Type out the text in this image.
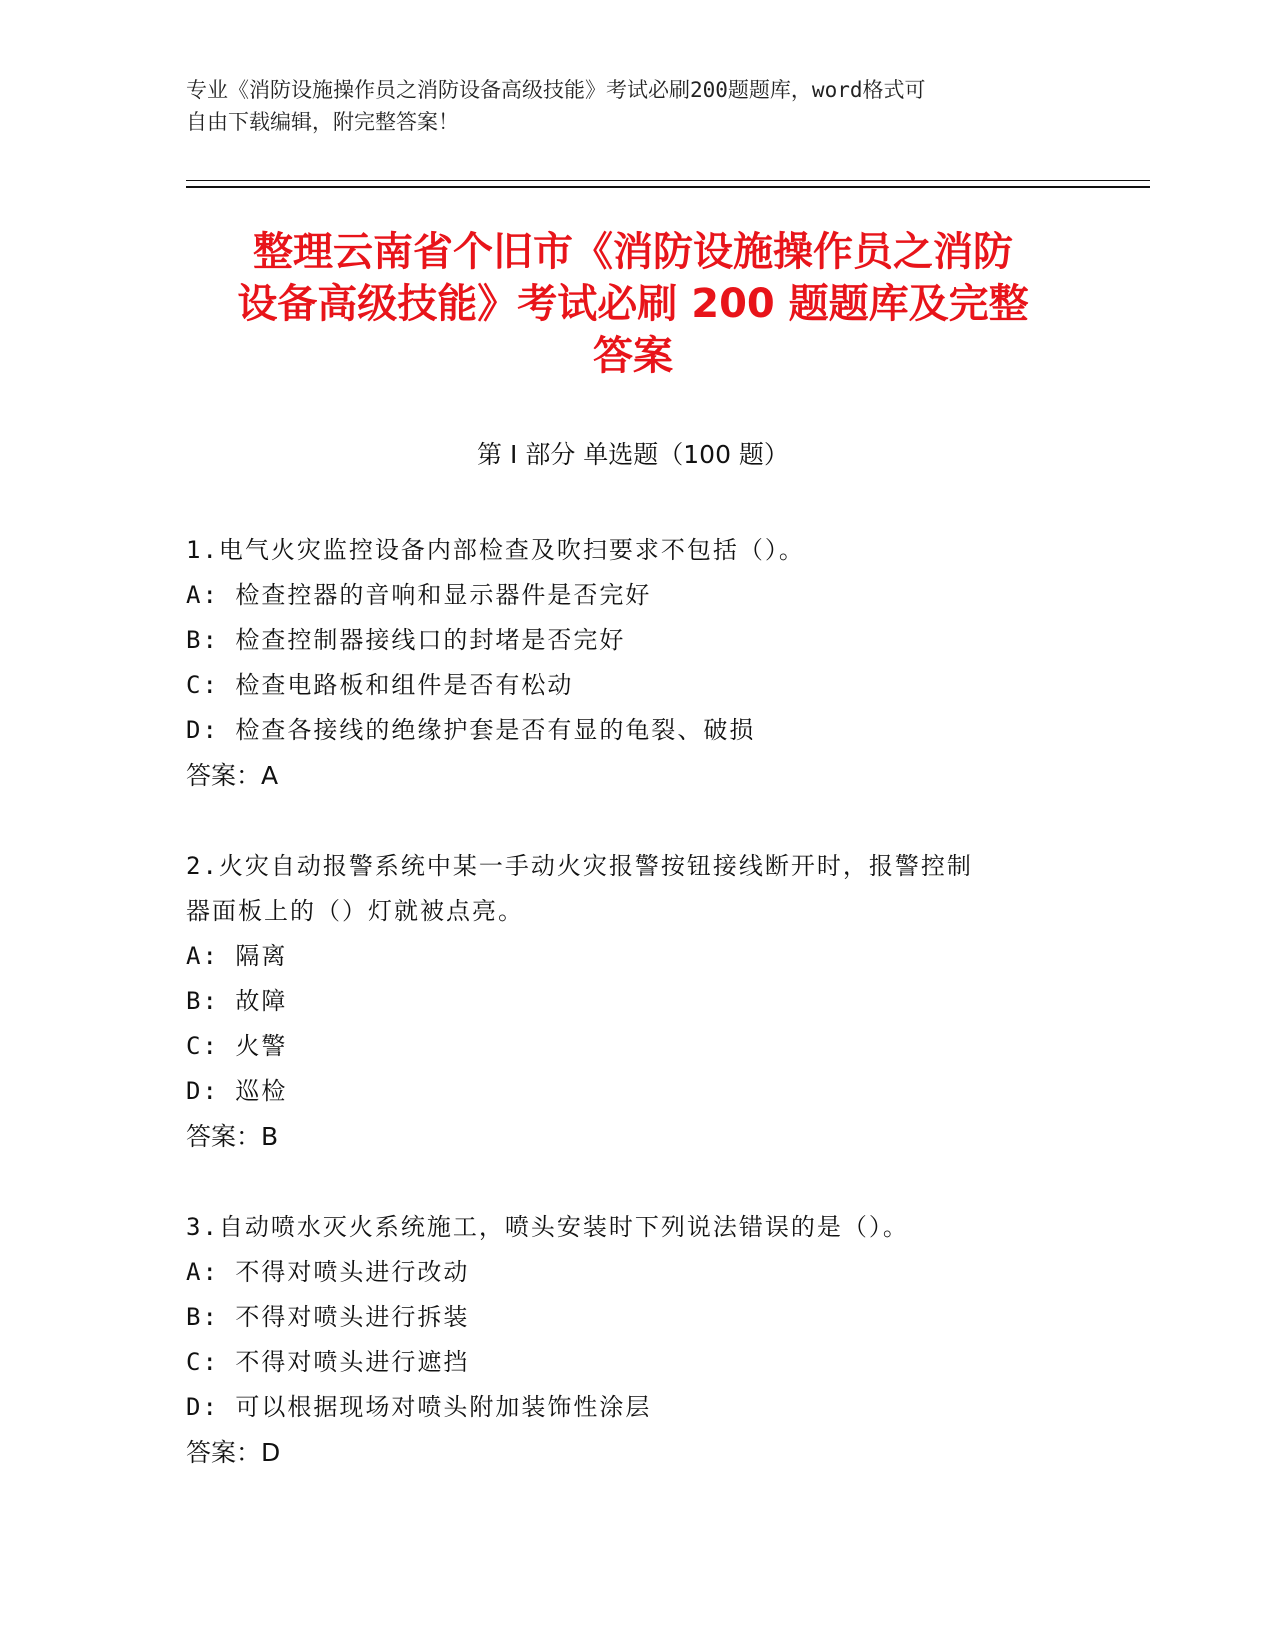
专业《消防设施操作员之消防设备高级技能》考试必刷200题题库，word格式可
自由下载编辑，附完整答案！
整理云南省个旧市《消防设施操作员之消防
设备高级技能》考试必刷 200 题题库及完整
答案
第 I 部分 单选题（100 题）
1.电气火灾监控设备内部检查及吹扫要求不包括（）。
A: 检查控器的音响和显示器件是否完好
B: 检查控制器接线口的封堵是否完好
C: 检查电路板和组件是否有松动
D: 检查各接线的绝缘护套是否有显的龟裂、破损
答案：A
2.火灾自动报警系统中某一手动火灾报警按钮接线断开时，报警控制
器面板上的（）灯就被点亮。
A: 隔离
B: 故障
C: 火警
D: 巡检
答案：B
3.自动喷水灭火系统施工，喷头安装时下列说法错误的是（）。
A: 不得对喷头进行改动
B: 不得对喷头进行拆装
C: 不得对喷头进行遮挡
D: 可以根据现场对喷头附加装饰性涂层
答案：D
